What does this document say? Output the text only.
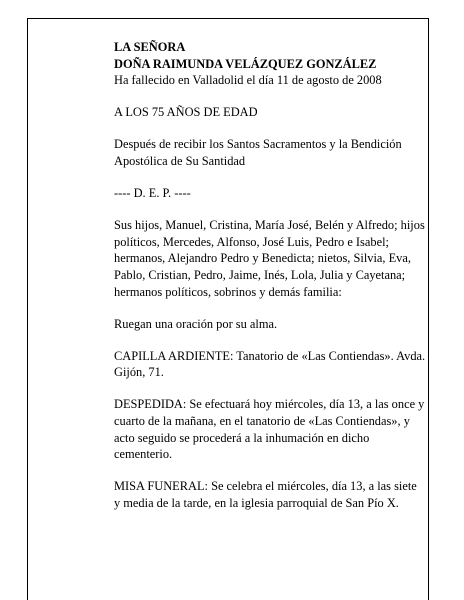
LA SEÑORA

DOÑA RAIMUNDA VELÁZQUEZ GONZÁLEZ

Ha fallecido en Valladolid el día 11 de agosto de 2008

A LOS 75 AÑOS DE EDAD

Después de recibir los Santos Sacramentos y la Bendición Apostólica de Su Santidad

---- D. E. P. ----

Sus hijos, Manuel, Cristina, María José, Belén y Alfredo; hijos políticos, Mercedes, Alfonso, José Luis, Pedro e Isabel; hermanos, Alejandro Pedro y Benedicta; nietos, Silvia, Eva, Pablo, Cristian, Pedro, Jaime, Inés, Lola, Julia y Cayetana; hermanos políticos, sobrinos y demás familia:

Ruegan una oración por su alma.

CAPILLA ARDIENTE: Tanatorio de «Las Contiendas». Avda. Gijón, 71.

DESPEDIDA: Se efectuará hoy miércoles, día 13, a las once y cuarto de la mañana, en el tanatorio de «Las Contiendas», y acto seguido se procederá a la inhumación en dicho cementerio.

MISA FUNERAL: Se celebra el miércoles, día 13, a las siete y media de la tarde, en la iglesia parroquial de San Pío X.
